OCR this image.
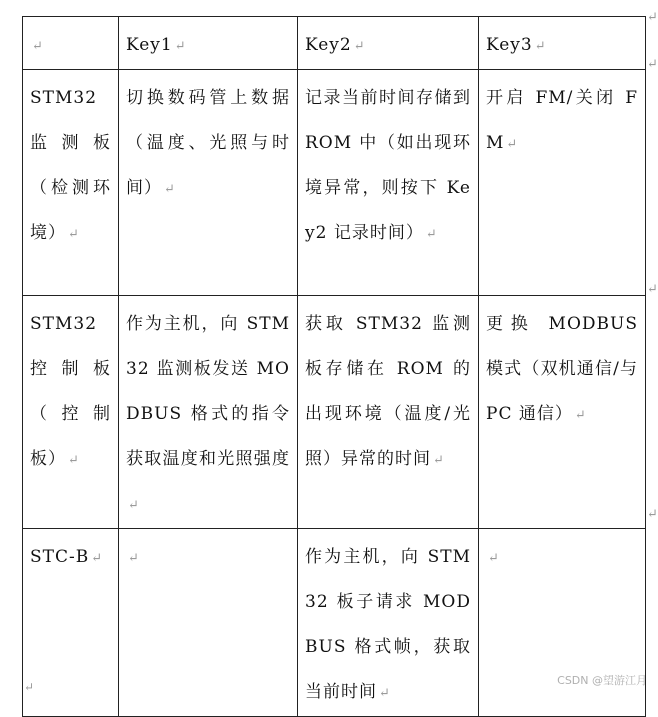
↵	Key1 ↵	Key2 ↵	Key3 ↵
STM32 监测板（检测环境） ↵	切换数码管上数据（温度、光照与时间） ↵	记录当前时间存储到 ROM 中（如出现环境异常，则按下 Key2 记录时间） ↵	开启 FM/关闭 FM ↵
STM32 控制板（控制板） ↵	作为主机，向 STM32 监测板发送 MODBUS 格式的指令获取温度和光照强度↵	获取 STM32 监测板存储在 ROM 的出现环境（温度/光照）异常的时间 ↵	更换 MODBUS 模式（双机通信/与 PC 通信） ↵
STC-B ↵	↵	作为主机，向 STM32 板子请求 MODBUS 格式帧，获取当前时间 ↵	↵
↵
↵
↵
↵
↵	CSDN @望游江月
